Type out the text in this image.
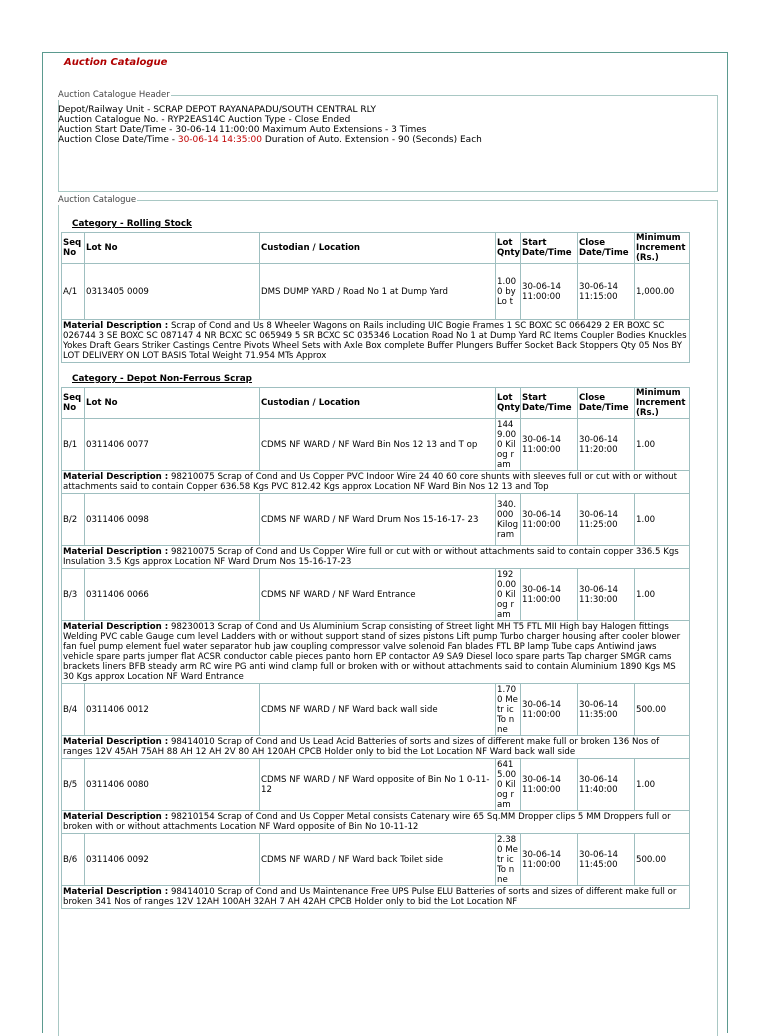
Auction Catalogue
Auction Catalogue Header
Depot/Railway Unit - SCRAP DEPOT RAYANAPADU/SOUTH CENTRAL RLY
Auction Catalogue No. - RYP2EAS14C Auction Type - Close Ended
Auction Start Date/Time - 30-06-14 11:00:00 Maximum Auto Extensions - 3 Times
Auction Close Date/Time - 30-06-14 14:35:00 Duration of Auto. Extension - 90 (Seconds) Each
Auction Catalogue
Category - Rolling Stock
Seq No	Lot No	Custodian / Location	Lot Qnty	Start Date/Time	Close Date/Time	Minimum Increment (Rs.)
A/1	0313405 0009	DMS DUMP YARD / Road No 1 at Dump Yard	1.00 0 byLo t	30-06-14 11:00:00	30-06-14 11:15:00	1,000.00
Material Description : Scrap of Cond and Us 8 Wheeler Wagons on Rails including UIC Bogie Frames 1 SC BOXC SC 066429 2 ER BOXC SC 026744 3 SE BOXC SC 087147 4 NR BCXC SC 065949 5 SR BCXC SC 035346 Location Road No 1 at Dump Yard RC Items Coupler Bodies Knuckles Yokes Draft Gears Striker Castings Centre Pivots Wheel Sets with Axle Box complete Buffer Plungers Buffer Socket Back Stoppers Qty 05 Nos BY LOT DELIVERY ON LOT BASIS Total Weight 71.954 MTs Approx						
Category - Depot Non-Ferrous Scrap
Seq No	Lot No	Custodian / Location	Lot Qnty	Start Date/Time	Close Date/Time	Minimum Increment (Rs.)
B/1	0311406 0077	CDMS NF WARD / NF Ward Bin Nos 12 13 and T op	144 9.00 0 Kilog ram	30-06-14 11:00:00	30-06-14 11:20:00	1.00
Material Description : 98210075 Scrap of Cond and Us Copper PVC Indoor Wire 24 40 60 core shunts with sleeves full or cut with or without attachments said to contain Copper 636.58 Kgs PVC 812.42 Kgs approx Location NF Ward Bin Nos 12 13 and Top						
B/2	0311406 0098	CDMS NF WARD / NF Ward Drum Nos 15-16-17- 23	340. 000 Kilog ram	30-06-14 11:00:00	30-06-14 11:25:00	1.00
Material Description : 98210075 Scrap of Cond and Us Copper Wire full or cut with or without attachments said to contain copper 336.5 Kgs Insulation 3.5 Kgs approx Location NF Ward Drum Nos 15-16-17-23						
B/3	0311406 0066	CDMS NF WARD / NF Ward Entrance	192 0.00 0 Kilog ram	30-06-14 11:00:00	30-06-14 11:30:00	1.00
Material Description : 98230013 Scrap of Cond and Us Aluminium Scrap consisting of Street light MH T5 FTL MII High bay Halogen fittings Welding PVC cable Gauge cum level Ladders with or without support stand of sizes pistons Lift pump Turbo charger housing after cooler blower fan fuel pump element fuel water separator hub jaw coupling compressor valve solenoid Fan blades FTL BP lamp Tube caps Antiwind jaws vehicle spare parts jumper flat ACSR conductor cable pieces panto horn EP contactor A9 SA9 Diesel loco spare parts Tap charger SMGR cams brackets liners BFB steady arm RC wire PG anti wind clamp full or broken with or without attachments said to contain Aluminium 1890 Kgs MS 30 Kgs approx Location NF Ward Entrance						
B/4	0311406 0012	CDMS NF WARD / NF Ward back wall side	1.70 0 Metr ic To nne	30-06-14 11:00:00	30-06-14 11:35:00	500.00
Material Description : 98414010 Scrap of Cond and Us Lead Acid Batteries of sorts and sizes of different make full or broken 136 Nos of ranges 12V 45AH 75AH 88 AH 12 AH 2V 80 AH 120AH CPCB Holder only to bid the Lot Location NF Ward back wall side						
B/5	0311406 0080	CDMS NF WARD / NF Ward opposite of Bin No 1 0-11-12	641 5.00 0 Kilog ram	30-06-14 11:00:00	30-06-14 11:40:00	1.00
Material Description : 98210154 Scrap of Cond and Us Copper Metal consists Catenary wire 65 Sq.MM Dropper clips 5 MM Droppers full or broken with or without attachments Location NF Ward opposite of Bin No 10-11-12						
B/6	0311406 0092	CDMS NF WARD / NF Ward back Toilet side	2.38 0 Metr ic To nne	30-06-14 11:00:00	30-06-14 11:45:00	500.00
Material Description : 98414010 Scrap of Cond and Us Maintenance Free UPS Pulse ELU Batteries of sorts and sizes of different make full or broken 341 Nos of ranges 12V 12AH 100AH 32AH 7 AH 42AH CPCB Holder only to bid the Lot Location NF						
